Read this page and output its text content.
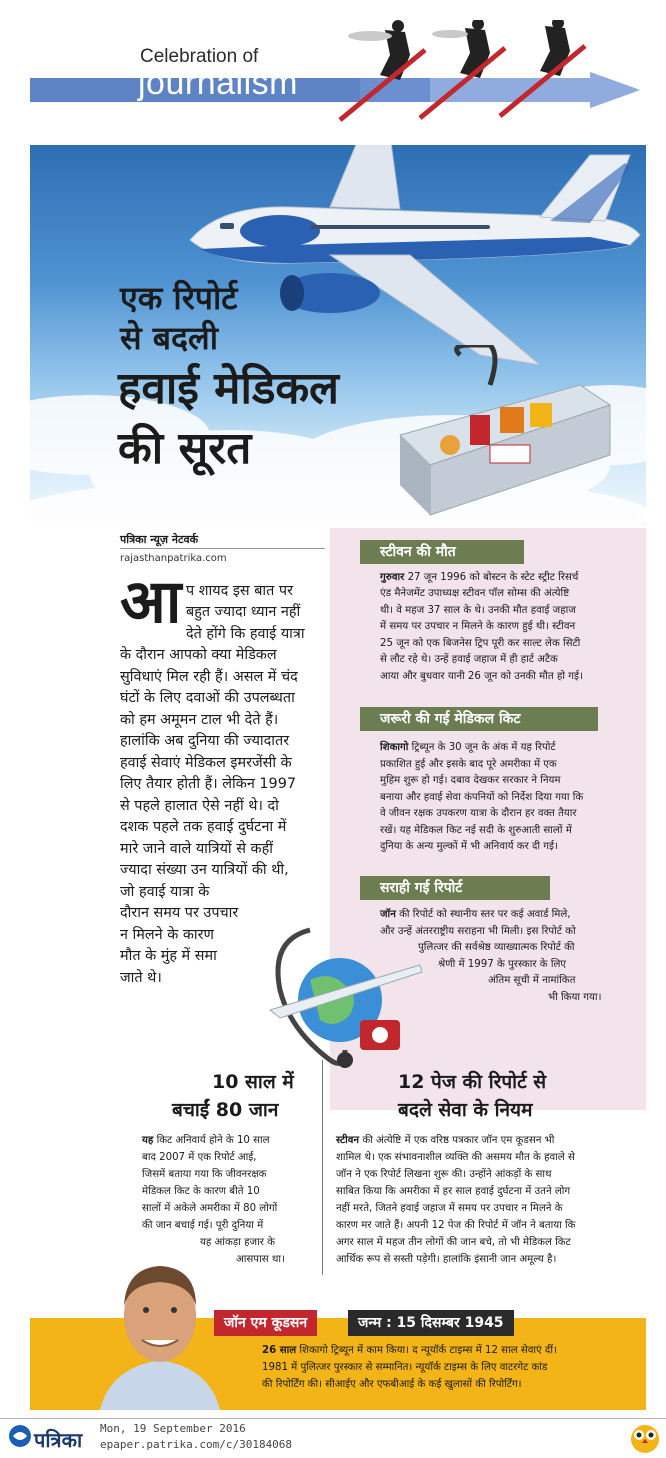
Celebration of
journalism
एक रिपोर्ट
से बदली
हवाई मेडिकल
की सूरत
पत्रिका न्यूज़ नेटवर्क
rajasthanpatrika.com
आ प शायद इस बात पर
बहुत ज्यादा ध्यान नहीं
देते होंगे कि हवाई यात्रा
के दौरान आपको क्या मेडिकल
सुविधाएं मिल रही हैं। असल में चंद
घंटों के लिए दवाओं की उपलब्धता
को हम अमूमन टाल भी देते हैं।
हालांकि अब दुनिया की ज्यादातर
हवाई सेवाएं मेडिकल इमरजेंसी के
लिए तैयार होती हैं। लेकिन 1997
से पहले हालात ऐसे नहीं थे। दो
दशक पहले तक हवाई दुर्घटना में
मारे जाने वाले यात्रियों से कहीं
ज्यादा संख्या उन यात्रियों की थी,
जो हवाई यात्रा के
दौरान समय पर उपचार
न मिलने के कारण
मौत के मुंह में समा
जाते थे।
स्टीवन की मौत
गुरुवार 27 जून 1996 को बोस्टन के स्टेट स्ट्रीट रिसर्च
एंड मैनेजमेंट उपाध्यक्ष स्टीवन पॉल सोम्स की अंत्येष्टि
थी। वे महज 37 साल के थे। उनकी मौत हवाई जहाज
में समय पर उपचार न मिलने के कारण हुई थी। स्टीवन
25 जून को एक बिजनेस ट्रिप पूरी कर साल्ट लेक सिटी
से लौट रहे थे। उन्हें हवाई जहाज में ही हार्ट अटैक
आया और बुधवार यानी 26 जून को उनकी मौत हो गई।
जरूरी की गई मेडिकल किट
शिकागो ट्रिब्यून के 30 जून के अंक में यह रिपोर्ट
प्रकाशित हुई और इसके बाद पूरे अमरीका में एक
मुहिम शुरू हो गई। दबाव देखकर सरकार ने नियम
बनाया और हवाई सेवा कंपनियों को निर्देश दिया गया कि
वे जीवन रक्षक उपकरण यात्रा के दौरान हर वक्त तैयार
रखें। यह मेडिकल किट नई सदी के शुरुआती सालों में
दुनिया के अन्य मुल्कों में भी अनिवार्य कर दी गई।
सराही गई रिपोर्ट
जॉन की रिपोर्ट को स्थानीय स्तर पर कई अवार्ड मिले,
और उन्हें अंतरराष्ट्रीय सराहना भी मिली। इस रिपोर्ट को
पुलित्जर की सर्वश्रेष्ठ व्याख्यात्मक रिपोर्ट की
श्रेणी में 1997 के पुरस्कार के लिए
अंतिम सूची में नामांकित
भी किया गया।
10 साल में
बचाईं 80 जान
यह किट अनिवार्य होने के 10 साल
बाद 2007 में एक रिपोर्ट आई,
जिसमें बताया गया कि जीवनरक्षक
मेडिकल किट के कारण बीते 10
सालों में अकेले अमरीका में 80 लोगों
की जान बचाई गई। पूरी दुनिया में
यह आंकड़ा हजार के
आसपास था।
12 पेज की रिपोर्ट से
बदले सेवा के नियम
स्टीवन की अंत्येष्टि में एक वरिष्ठ पत्रकार जॉन एम कूडसन भी
शामिल थे। एक संभावनाशील व्यक्ति की असमय मौत के हवाले से
जॉन ने एक रिपोर्ट लिखना शुरू की। उन्होंने आंकड़ों के साथ
साबित किया कि अमरीका में हर साल हवाई दुर्घटना में उतने लोग
नहीं मरते, जितने हवाई जहाज में समय पर उपचार न मिलने के
कारण मर जाते हैं। अपनी 12 पेज की रिपोर्ट में जॉन ने बताया कि
अगर साल में महज तीन लोगों की जान बचे, तो भी मेडिकल किट
आर्थिक रूप से सस्ती पड़ेगी। हालांकि इंसानी जान अमूल्य है।
जॉन एम कूडसन	जन्म : 15 दिसम्बर 1945
26 साल शिकागो ट्रिब्यून में काम किया। द न्यूयॉर्क टाइम्स में 12 साल सेवाएं दीं।
1981 में पुलित्जर पुरस्कार से सम्मानित। न्यूयॉर्क टाइम्स के लिए वाटरगेट कांड
की रिपोर्टिंग की। सीआईए और एफबीआई के कई खुलासों की रिपोर्टिंग।
पत्रिका Mon, 19 September 2016
epaper.patrika.com/c/30184068
